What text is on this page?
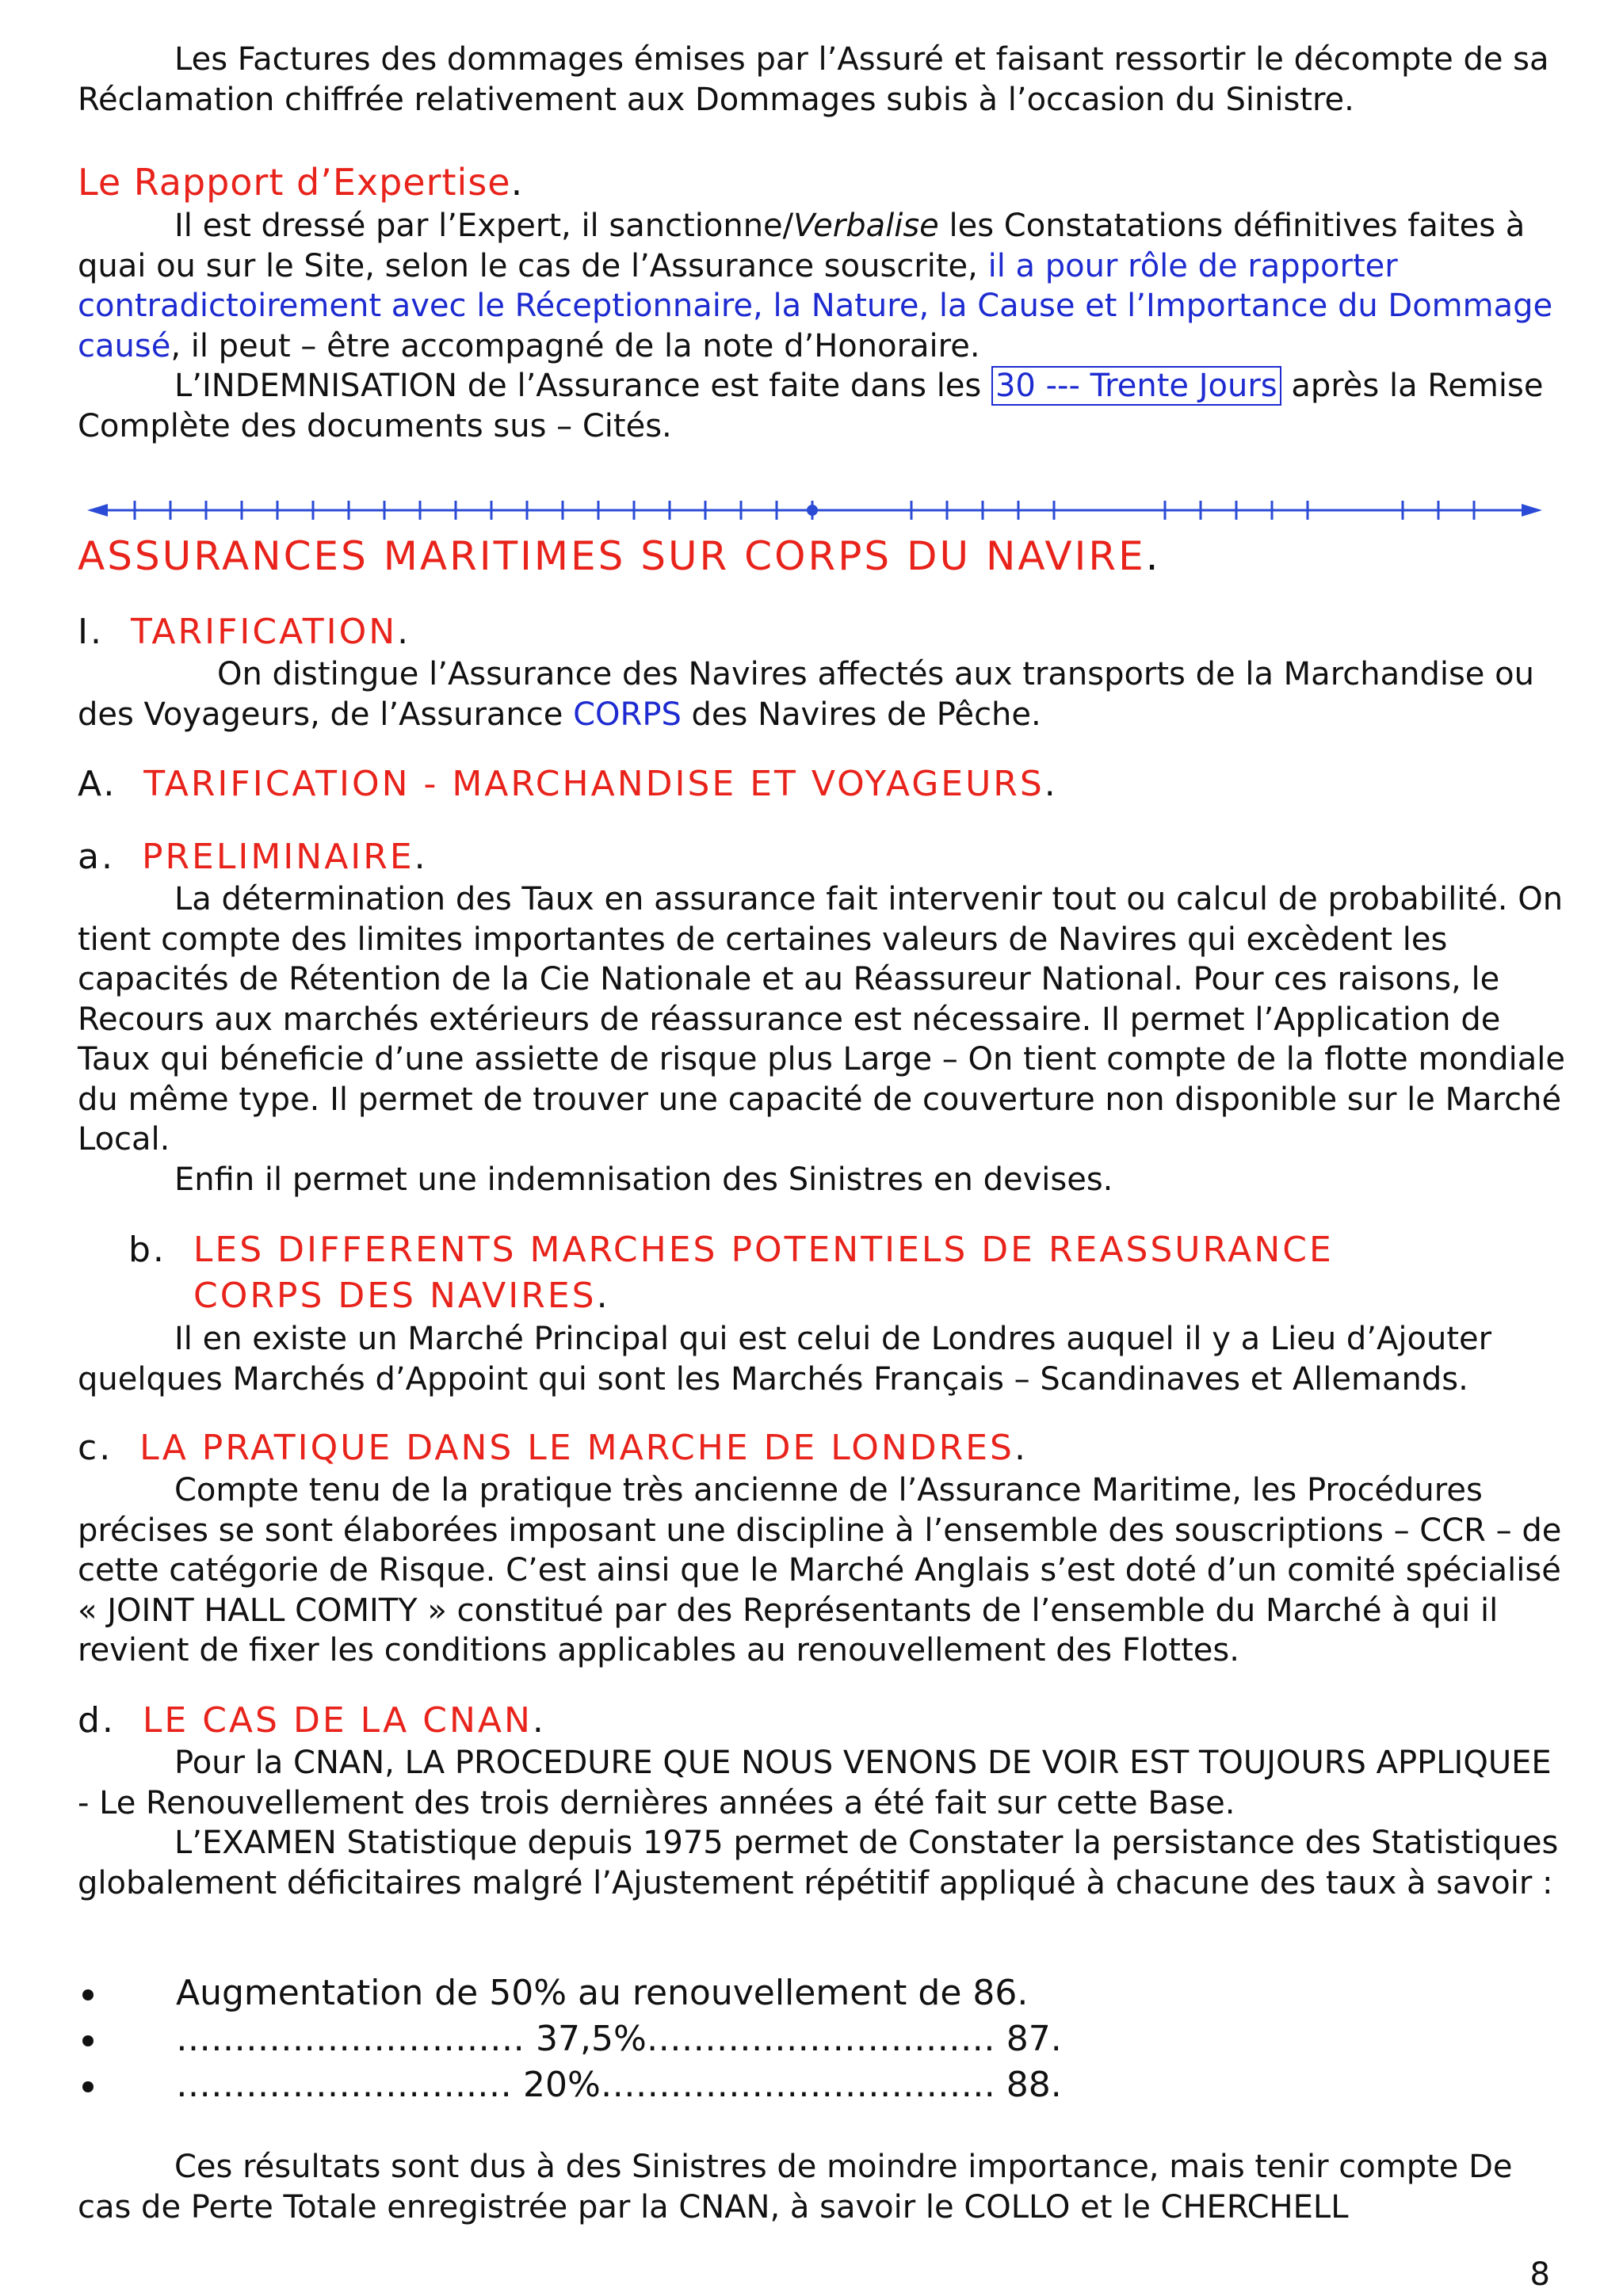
Les Factures des dommages émises par l’Assuré et faisant ressortir le décompte de sa Réclamation chiffrée relativement aux Dommages subis à l’occasion du Sinistre.

Le Rapport d’Expertise.

Il est dressé par l’Expert, il sanctionne/Verbalise les Constatations définitives faites à quai ou sur le Site, selon le cas de l’Assurance souscrite, il a pour rôle de rapporter contradictoirement avec le Réceptionnaire, la Nature, la Cause et l’Importance du Dommage causé, il peut – être accompagné de la note d’Honoraire.

L’INDEMNISATION de l’Assurance est faite dans les 30 --- Trente Jours après la Remise Complète des documents sus – Cités.

ASSURANCES MARITIMES SUR CORPS DU NAVIRE.
I. TARIFICATION.

On distingue l’Assurance des Navires affectés aux transports de la Marchandise ou des Voyageurs, de l’Assurance CORPS des Navires de Pêche.

A. TARIFICATION - MARCHANDISE ET VOYAGEURS.
a. PRELIMINAIRE.

La détermination des Taux en assurance fait intervenir tout ou calcul de probabilité. On tient compte des limites importantes de certaines valeurs de Navires qui excèdent les capacités de Rétention de la Cie Nationale et au Réassureur National. Pour ces raisons, le Recours aux marchés extérieurs de réassurance est nécessaire. Il permet l’Application de Taux qui béneficie d’une assiette de risque plus Large – On tient compte de la flotte mondiale du même type. Il permet de trouver une capacité de couverture non disponible sur le Marché Local.

Enfin il permet une indemnisation des Sinistres en devises.

b. LES DIFFERENTS MARCHES POTENTIELS DE REASSURANCE
CORPS DES NAVIRES.

Il en existe un Marché Principal qui est celui de Londres auquel il y a Lieu d’Ajouter quelques Marchés d’Appoint qui sont les Marchés Français – Scandinaves et Allemands.

c. LA PRATIQUE DANS LE MARCHE DE LONDRES.

Compte tenu de la pratique très ancienne de l’Assurance Maritime, les Procédures précises se sont élaborées imposant une discipline à l’ensemble des souscriptions – CCR – de cette catégorie de Risque. C’est ainsi que le Marché Anglais s’est doté d’un comité spécialisé « JOINT HALL COMITY » constitué par des Représentants de l’ensemble du Marché à qui il revient de fixer les conditions applicables au renouvellement des Flottes.

d. LE CAS DE LA CNAN.

Pour la CNAN, LA PROCEDURE QUE NOUS VENONS DE VOIR EST TOUJOURS APPLIQUEE - Le Renouvellement des trois dernières années a été fait sur cette Base.

L’EXAMEN Statistique depuis 1975 permet de Constater la persistance des Statistiques globalement déficitaires malgré l’Ajustement répétitif appliqué à chacune des taux à savoir :

Augmentation de 50% au renouvellement de 86.
………………………… 37,5%………………………… 87.
……………………..… 20%……………………………. 88.

Ces résultats sont dus à des Sinistres de moindre importance, mais tenir compte De cas de Perte Totale enregistrée par la CNAN, à savoir le COLLO et le CHERCHELL

8
